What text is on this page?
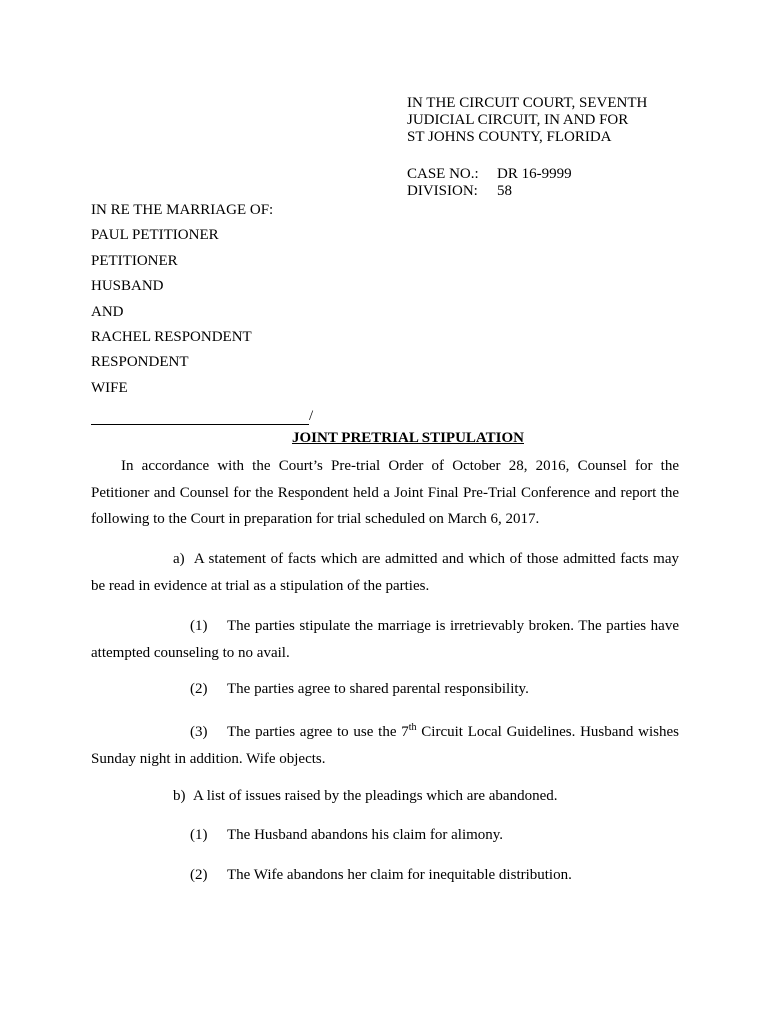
IN THE CIRCUIT COURT, SEVENTH
JUDICIAL CIRCUIT, IN AND FOR
ST JOHNS COUNTY, FLORIDA
CASE NO.: DR 16-9999
DIVISION: 58
IN RE THE MARRIAGE OF:
PAUL PETITIONER
PETITIONER
HUSBAND
AND
RACHEL RESPONDENT
RESPONDENT
WIFE
/
JOINT PRETRIAL STIPULATION
In accordance with the Court’s Pre-trial Order of October 28, 2016, Counsel for the
Petitioner and Counsel for the Respondent held a Joint Final Pre-Trial Conference and report the
following to the Court in preparation for trial scheduled on March 6, 2017.
a) A statement of facts which are admitted and which of those admitted facts may
be read in evidence at trial as a stipulation of the parties.
(1) The parties stipulate the marriage is irretrievably broken. The parties have
attempted counseling to no avail.
(2) The parties agree to shared parental responsibility.
(3) The parties agree to use the 7th Circuit Local Guidelines. Husband wishes
Sunday night in addition. Wife objects.
b) A list of issues raised by the pleadings which are abandoned.
(1) The Husband abandons his claim for alimony.
(2) The Wife abandons her claim for inequitable distribution.
